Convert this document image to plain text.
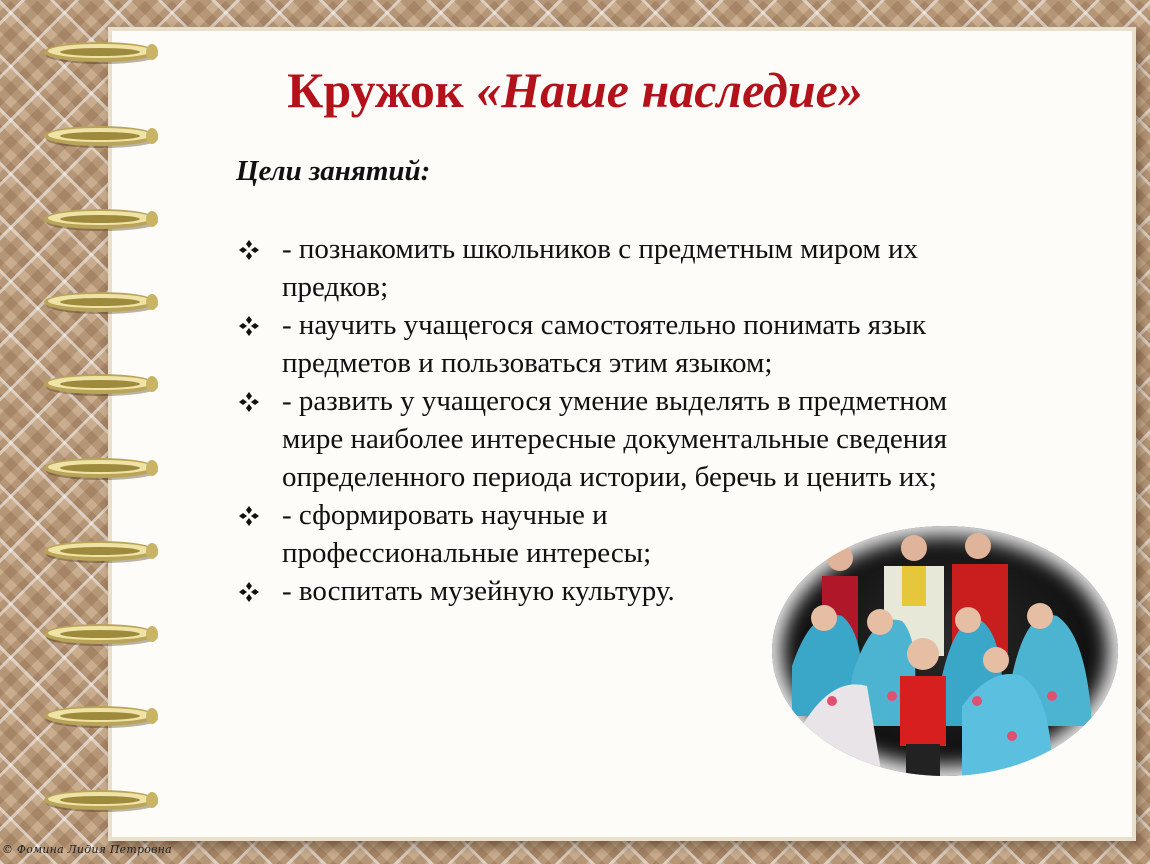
Кружок «Наше наследие»
Цели занятий:
- познакомить школьников с предметным миром их
предков;
- научить учащегося самостоятельно понимать язык
предметов и пользоваться этим языком;
- развить у учащегося умение выделять в предметном
мире наиболее интересные документальные сведения
определенного периода истории, беречь и ценить их;
- сформировать научные и
профессиональные интересы;
- воспитать музейную культуру.
© Фомина Лидия Петровна
